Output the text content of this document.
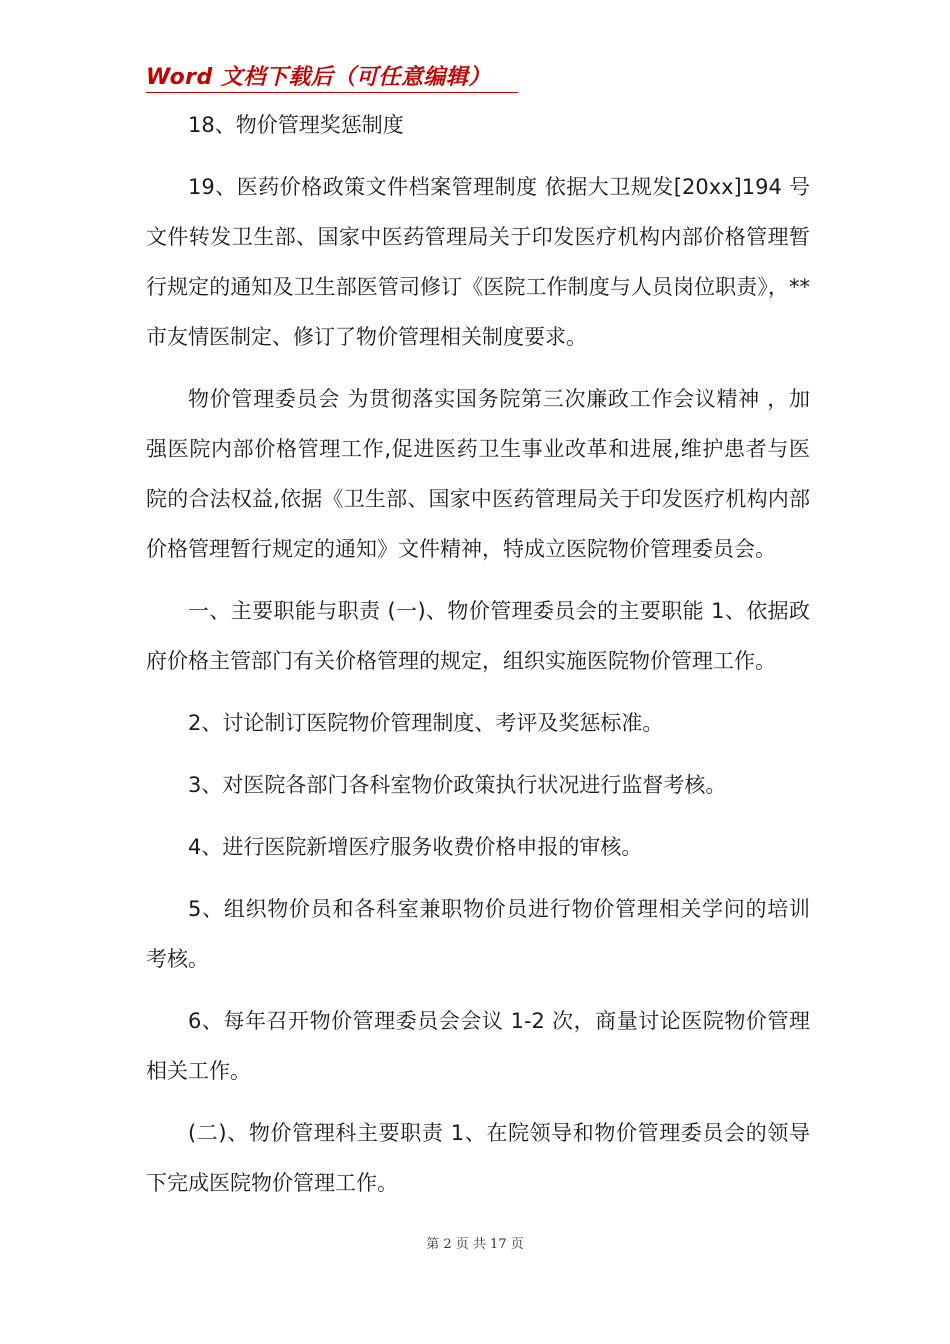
Word 文档下载后（可任意编辑）

18、物价管理奖惩制度

19、医药价格政策文件档案管理制度 依据大卫规发[20xx]194 号文件转发卫生部、国家中医药管理局关于印发医疗机构内部价格管理暂行规定的通知及卫生部医管司修订《医院工作制度与人员岗位职责》，**市友情医制定、修订了物价管理相关制度要求。

物价管理委员会 为贯彻落实国务院第三次廉政工作会议精神 ，加强医院内部价格管理工作,促进医药卫生事业改革和进展,维护患者与医院的合法权益,依据《卫生部、国家中医药管理局关于印发医疗机构内部价格管理暂行规定的通知》文件精神，特成立医院物价管理委员会。

一、主要职能与职责 (一)、物价管理委员会的主要职能 1、依据政府价格主管部门有关价格管理的规定，组织实施医院物价管理工作。

2、讨论制订医院物价管理制度、考评及奖惩标准。

3、对医院各部门各科室物价政策执行状况进行监督考核。

4、进行医院新增医疗服务收费价格申报的审核。

5、组织物价员和各科室兼职物价员进行物价管理相关学问的培训考核。

6、每年召开物价管理委员会会议 1-2 次，商量讨论医院物价管理相关工作。

(二)、物价管理科主要职责 1、在院领导和物价管理委员会的领导下完成医院物价管理工作。

第 2 页 共 17 页
